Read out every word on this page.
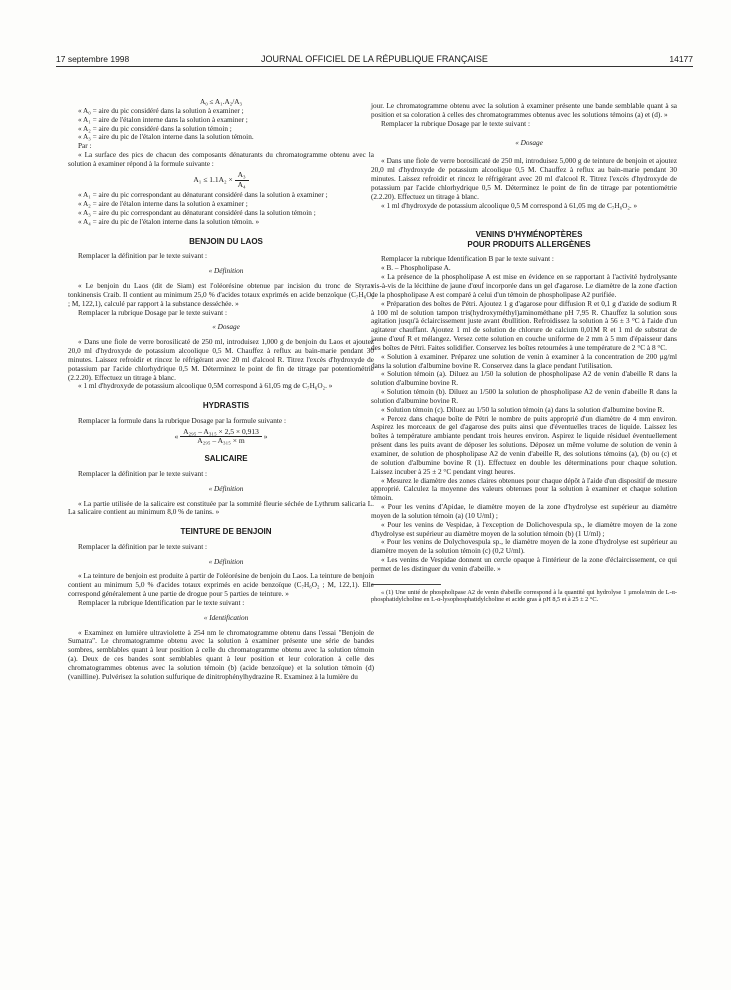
17 septembre 1998	JOURNAL OFFICIEL DE LA RÉPUBLIQUE FRANÇAISE	14177

A₀ ≤ A₁.A₂/A₃

« A₀ = aire du pic considéré dans la solution à examiner ;

« A₁ = aire de l'étalon interne dans la solution à examiner ;

« A₂ = aire du pic considéré dans la solution témoin ;

« A₃ = aire du pic de l'étalon interne dans la solution témoin.

Par :

« La surface des pics de chacun des composants dénaturants du chromatogramme obtenu avec la solution à examiner répond à la formule suivante :

$A_1 \le 1.1A_2 \times \frac{\text{A₃}}{\text{A₄}}$

« A₁ = aire du pic correspondant au dénaturant considéré dans la solution à examiner ;

« A₂ = aire de l'étalon interne dans la solution à examiner ;

« A₃ = aire du pic correspondant au dénaturant considéré dans la solution témoin ;

« A₄ = aire du pic de l'étalon interne dans la solution témoin. »

BENJOIN DU LAOS

Remplacer la définition par le texte suivant :

« Définition

« Le benjoin du Laos (dit de Siam) est l'oléorésine obtenue par incision du tronc de Styrax tonkinensis Craib. Il contient au minimum 25,0 % d'acides totaux exprimés en acide benzoïque (C₇H₆O₂ ; M, 122,1), calculé par rapport à la substance desséchée. »

Remplacer la rubrique Dosage par le texte suivant :

« Dosage

« Dans une fiole de verre borosilicaté de 250 ml, introduisez 1,000 g de benjoin du Laos et ajoutez 20,0 ml d'hydroxyde de potassium alcoolique 0,5 M. Chauffez à reflux au bain-marie pendant 30 minutes. Laissez refroidir et rincez le réfrigérant avec 20 ml d'alcool R. Titrez l'excès d'hydroxyde de potassium par l'acide chlorhydrique 0,5 M. Déterminez le point de fin de titrage par potentiométrie (2.2.20). Effectuez un titrage à blanc.

« 1 ml d'hydroxyde de potassium alcoolique 0,5M correspond à 61,05 mg de C₇H₆O₂. »

HYDRASTIS

Remplacer la formule dans la rubrique Dosage par la formule suivante :

« $\frac{\text{A₂₉₅ – A₃₁₅ × 2,5 × 0,913}}{\text{A₂₉₅ – A₃₁₅ × m}}$ »

SALICAIRE

Remplacer la définition par le texte suivant :

« Définition

« La partie utilisée de la salicaire est constituée par la sommité fleurie séchée de Lythrum salicaria L. La salicaire contient au minimum 8,0 % de tanins. »

TEINTURE DE BENJOIN

Remplacer la définition par le texte suivant :

« Définition

« La teinture de benjoin est produite à partir de l'oléorésine de benjoin du Laos. La teinture de benjoin contient au minimum 5,0 % d'acides totaux exprimés en acide benzoïque (C₇H₆O₂ ; M, 122,1). Elle correspond généralement à une partie de drogue pour 5 parties de teinture. »

Remplacer la rubrique Identification par le texte suivant :

« Identification

« Examinez en lumière ultraviolette à 254 nm le chromatogramme obtenu dans l'essai "Benjoin de Sumatra". Le chromatogramme obtenu avec la solution à examiner présente une série de bandes sombres, semblables quant à leur position à celle du chromatogramme obtenu avec la solution témoin (a). Deux de ces bandes sont semblables quant à leur position et leur coloration à celle des chromatogrammes obtenus avec la solution témoin (b) (acide benzoïque) et la solution témoin (d) (vanilline). Pulvérisez la solution sulfurique de dinitrophénylhydrazine R. Examinez à la lumière du

jour. Le chromatogramme obtenu avec la solution à examiner présente une bande semblable quant à sa position et sa coloration à celles des chromatogrammes obtenus avec les solutions témoins (a) et (d). »

Remplacer la rubrique Dosage par le texte suivant :

« Dosage

« Dans une fiole de verre borosilicaté de 250 ml, introduisez 5,000 g de teinture de benjoin et ajoutez 20,0 ml d'hydroxyde de potassium alcoolique 0,5 M. Chauffez à reflux au bain-marie pendant 30 minutes. Laissez refroidir et rincez le réfrigérant avec 20 ml d'alcool R. Titrez l'excès d'hydroxyde de potassium par l'acide chlorhydrique 0,5 M. Déterminez le point de fin de titrage par potentiométrie (2.2.20). Effectuez un titrage à blanc.

« 1 ml d'hydroxyde de potassium alcoolique 0,5 M correspond à 61,05 mg de C₇H₆O₂. »

VENINS D'HYMÉNOPTÈRES

POUR PRODUITS ALLERGÈNES

Remplacer la rubrique Identification B par le texte suivant :

« B. – Phospholipase A.

« La présence de la phospholipase A est mise en évidence en se rapportant à l'activité hydrolysante vis-à-vis de la lécithine de jaune d'œuf incorporée dans un gel d'agarose. Le diamètre de la zone d'action de la phospholipase A est comparé à celui d'un témoin de phospholipase A2 purifiée.

« Préparation des boîtes de Pétri. Ajoutez 1 g d'agarose pour diffusion R et 0,1 g d'azide de sodium R à 100 ml de solution tampon tris(hydroxyméthyl)aminométhane pH 7,95 R. Chauffez la solution sous agitation jusqu'à éclaircissement juste avant ébullition. Refroidissez la solution à 56 ± 3 °C à l'aide d'un agitateur chauffant. Ajoutez 1 ml de solution de chlorure de calcium 0,01M R et 1 ml de substrat de jaune d'œuf R et mélangez. Versez cette solution en couche uniforme de 2 mm à 5 mm d'épaisseur dans des boîtes de Pétri. Faites solidifier. Conservez les boîtes retournées à une température de 2 °C à 8 °C.

« Solution à examiner. Préparez une solution de venin à examiner à la concentration de 200 µg/ml dans la solution d'albumine bovine R. Conservez dans la glace pendant l'utilisation.

« Solution témoin (a). Diluez au 1/50 la solution de phospholipase A2 de venin d'abeille R dans la solution d'albumine bovine R.

« Solution témoin (b). Diluez au 1/500 la solution de phospholipase A2 de venin d'abeille R dans la solution d'albumine bovine R.

« Solution témoin (c). Diluez au 1/50 la solution témoin (a) dans la solution d'albumine bovine R.

« Percez dans chaque boîte de Pétri le nombre de puits approprié d'un diamètre de 4 mm environ. Aspirez les morceaux de gel d'agarose des puits ainsi que d'éventuelles traces de liquide. Laissez les boîtes à température ambiante pendant trois heures environ. Aspirez le liquide résiduel éventuellement présent dans les puits avant de déposer les solutions. Déposez un même volume de solution de venin à examiner, de solution de phospholipase A2 de venin d'abeille R, des solutions témoins (a), (b) ou (c) et de solution d'albumine bovine R (1). Effectuez en double les déterminations pour chaque solution. Laissez incuber à 25 ± 2 °C pendant vingt heures.

« Mesurez le diamètre des zones claires obtenues pour chaque dépôt à l'aide d'un dispositif de mesure approprié. Calculez la moyenne des valeurs obtenues pour la solution à examiner et chaque solution témoin.

« Pour les venins d'Apidae, le diamètre moyen de la zone d'hydrolyse est supérieur au diamètre moyen de la solution témoin (a) (10 U/ml) ;

« Pour les venins de Vespidae, à l'exception de Dolichovespula sp., le diamètre moyen de la zone d'hydrolyse est supérieur au diamètre moyen de la solution témoin (b) (1 U/ml) ;

« Pour les venins de Dolychovespula sp., le diamètre moyen de la zone d'hydrolyse est supérieur au diamètre moyen de la solution témoin (c) (0,2 U/ml).

« Les venins de Vespidae donnent un cercle opaque à l'intérieur de la zone d'éclaircissement, ce qui permet de les distinguer du venin d'abeille. »

« (1) Une unité de phospholipase A2 de venin d'abeille correspond à la quantité qui hydrolyse 1 µmole/min de L-α-phosphatidylcholine en L-α-lysophosphatidylcholine et acide gras à pH 8,5 et à 25 ± 2 °C.
